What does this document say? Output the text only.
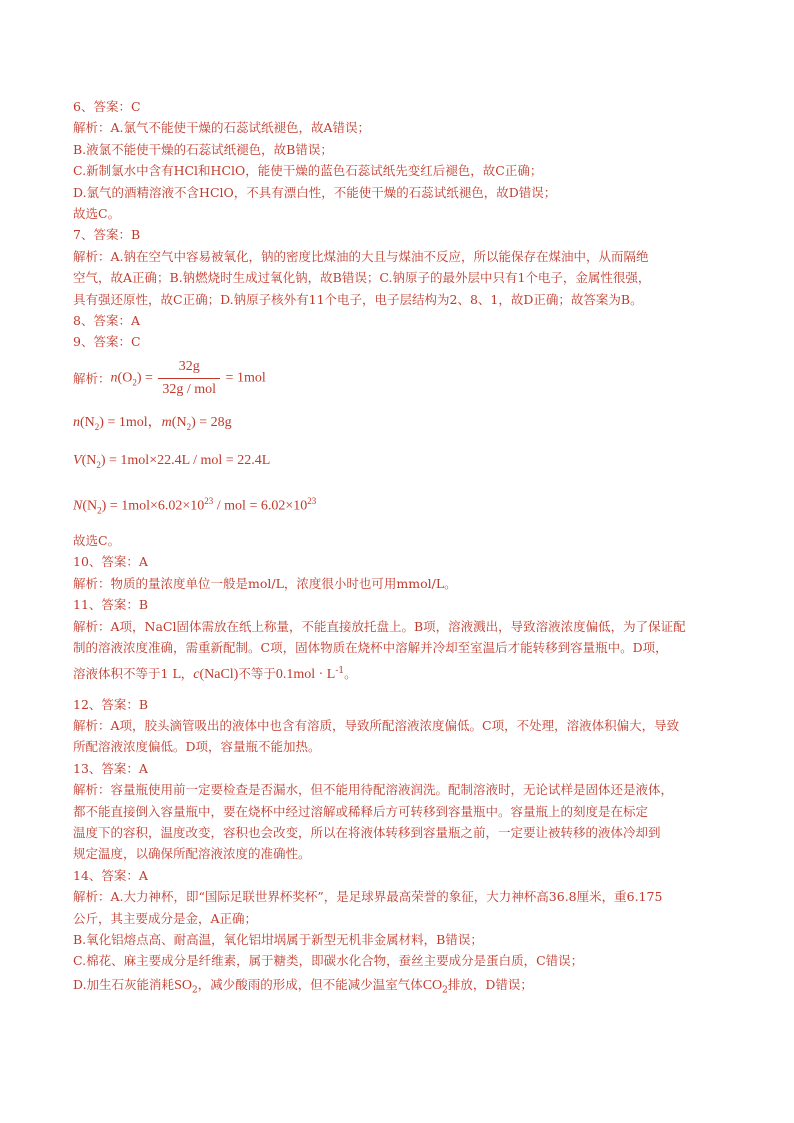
6、答案：C
解析：A.氯气不能使干燥的石蕊试纸褪色，故A错误；
B.液氯不能使干燥的石蕊试纸褪色，故B错误；
C.新制氯水中含有HCl和HClO，能使干燥的蓝色石蕊试纸先变红后褪色，故C正确；
D.氯气的酒精溶液不含HClO，不具有漂白性，不能使干燥的石蕊试纸褪色，故D错误；
故选C。
7、答案：B
解析：A.钠在空气中容易被氧化，钠的密度比煤油的大且与煤油不反应，所以能保存在煤油中，从而隔绝
空气，故A正确；B.钠燃烧时生成过氧化钠，故B错误；C.钠原子的最外层中只有1个电子，金属性很强，
具有强还原性，故C正确；D.钠原子核外有11个电子，电子层结构为2、8、1，故D正确；故答案为B。
8、答案：A
9、答案：C
解析： $n(O_2) = \frac{32g}{\text{32g / mol}} = 1mol$
$n(N_2) = 1mol$，$m(N_2) = 28g$
$V(N_2) = 1mol\times 22.4L$ / mol = 22.4L
$N(N_2) = 1mol\times 6.02\times 10^{23}$ / mol = $6.02\times 10^{23}$
故选C。
10、答案：A
解析：物质的量浓度单位一般是mol/L，浓度很小时也可用mmol/L。
11、答案：B
解析：A项，NaCl固体需放在纸上称量，不能直接放托盘上。B项，溶液溅出，导致溶液浓度偏低，为了保证配
制的溶液浓度准确，需重新配制。C项，固体物质在烧杯中溶解并冷却至室温后才能转移到容量瓶中。D项，
溶液体积不等于1 L，c(NaCl)不等于$0.1mol \cdot L^{-1}$。
12、答案：B
解析：A项，胶头滴管吸出的液体中也含有溶质，导致所配溶液浓度偏低。C项，不处理，溶液体积偏大，导致
所配溶液浓度偏低。D项，容量瓶不能加热。
13、答案：A
解析：容量瓶使用前一定要检查是否漏水，但不能用待配溶液润洗。配制溶液时，无论试样是固体还是液体，
都不能直接倒入容量瓶中，要在烧杯中经过溶解或稀释后方可转移到容量瓶中。容量瓶上的刻度是在标定
温度下的容积，温度改变，容积也会改变，所以在将液体转移到容量瓶之前，一定要让被转移的液体冷却到
规定温度，以确保所配溶液浓度的准确性。
14、答案：A
解析：A.大力神杯，即“国际足联世界杯奖杯”，是足球界最高荣誉的象征，大力神杯高36.8厘米，重6.175
公斤，其主要成分是金，A正确；
B.氧化铝熔点高、耐高温，氧化铝坩埚属于新型无机非金属材料，B错误；
C.棉花、麻主要成分是纤维素，属于糖类，即碳水化合物，蚕丝主要成分是蛋白质，C错误；
D.加生石灰能消耗$SO_2$，减少酸雨的形成，但不能减少温室气体$CO_2$排放，D错误；
